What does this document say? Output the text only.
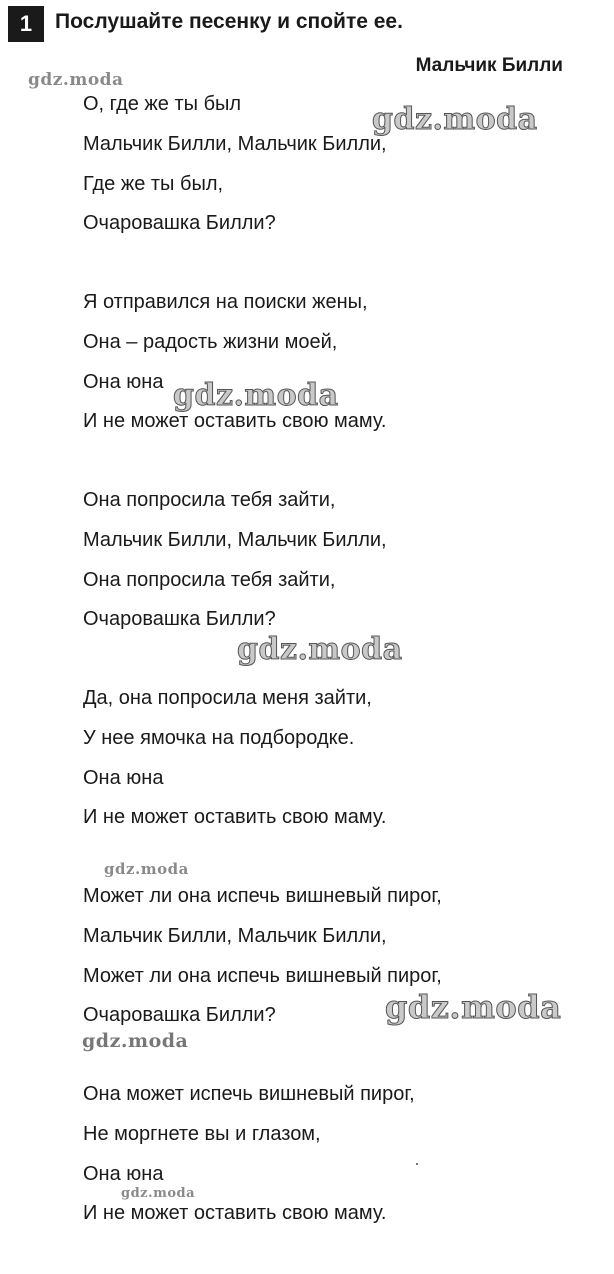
1	Послушайте песенку и спойте ее.
Мальчик Билли
О, где же ты был
Мальчик Билли, Мальчик Билли,
Где же ты был,
Очаровашка Билли?
Я отправился на поиски жены,
Она – радость жизни моей,
Она юна
И не может оставить свою маму.
Она попросила тебя зайти,
Мальчик Билли, Мальчик Билли,
Она попросила тебя зайти,
Очаровашка Билли?
Да, она попросила меня зайти,
У нее ямочка на подбородке.
Она юна
И не может оставить свою маму.
Может ли она испечь вишневый пирог,
Мальчик Билли, Мальчик Билли,
Может ли она испечь вишневый пирог,
Очаровашка Билли?
Она может испечь вишневый пирог,
Не моргнете вы и глазом,
Она юна
И не может оставить свою маму.
gdz.moda
gdz.moda
gdz.moda
gdz.moda
gdz.moda
gdz.moda
gdz.moda
gdz.moda
